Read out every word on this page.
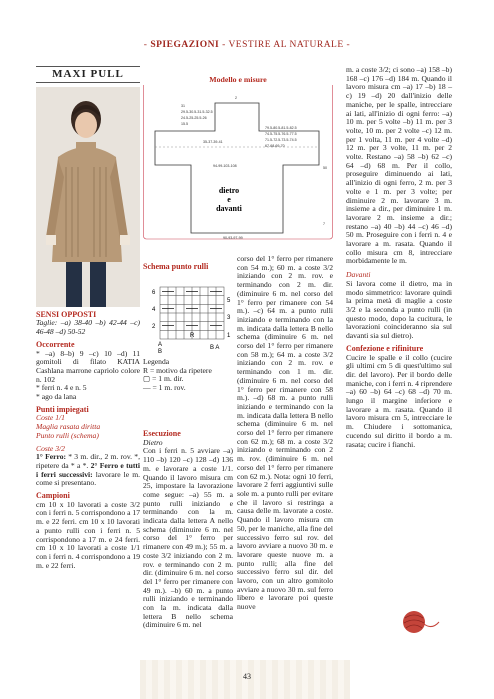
- SPIEGAZIONI - VESTIRE AL NATURALE -
MAXI PULL
SENSI OPPOSTI
Taglie: –a) 38-40 –b) 42-44 –c) 46-48 –d) 50-52
Occorrente
* –a) 8–b) 9 –c) 10 –d) 11 gomitoli di filato KATIA Cashlana marrone capriolo colore n. 102
* ferri n. 4 e n. 5
* ago da lana
Punti impiegati
Coste 1/1
Maglia rasata diritta
Punto rulli (schema)
Coste 3/2
1° Ferro: * 3 m. dir., 2 m. rov. *, ripetere da * a *. 2° Ferro e tutti i ferri successivi: lavorare le m. come si presentano.
Campioni
cm 10 x 10 lavorati a coste 3/2 con i ferri n. 5 corrispondono a 17 m. e 22 ferri. cm 10 x 10 lavorati a punto rulli con i ferri n. 5 corrispondono a 17 m. e 24 ferri. cm 10 x 10 lavorati a coste 1/1 con i ferri n. 4 corrispondono a 19 m. e 22 ferri.
Modello e misure
dietro
e
davanti
79.5-80.5-81.5-82.5
74.5-75.5-76.5-77.5
71.5-72.5-73.5-74.5
67-68-69-70
29.5-30.5-31.5-32.5
24.5-25-25.5-26
15.5
31
35-37-39-41
2
94-99-103-108	50
7
90-93-97-99
Schema punto rulli
6
4
2
5
3
1
R
A
B
B A
Legenda
R = motivo da ripetere
▢ = 1 m. dir.
— = 1 m. rov.
Esecuzione
Dietro
Con i ferri n. 5 avviare –a) 110 –b) 120 –c) 128 –d) 136 m. e lavorare a coste 1/1. Quando il lavoro misura cm 25, impostare la lavorazione come segue: –a) 55 m. a punto rulli iniziando e terminando con la m. indicata dalla lettera A nello schema (diminuire 6 m. nel corso del 1° ferro per rimanere con 49 m.); 55 m. a coste 3/2 iniziando con 2 m. rov. e terminando con 2 m. dir. (diminuire 6 m. nel corso del 1° ferro per rimanere con 49 m.). –b) 60 m. a punto rulli iniziando e terminando con la m. indicata dalla lettera B nello schema (diminuire 6 m. nel
corso del 1° ferro per rimanere con 54 m.); 60 m. a coste 3/2 iniziando con 2 m. rov. e terminando con 2 m. dir. (diminuire 6 m. nel corso del 1° ferro per rimanere con 54 m.). –c) 64 m. a punto rulli iniziando e terminando con la m. indicata dalla lettera B nello schema (diminuire 6 m. nel corso del 1° ferro per rimanere con 58 m.); 64 m. a coste 3/2 iniziando con 2 m. rov. e terminando con 1 m. dir. (diminuire 6 m. nel corso del 1° ferro per rimanere con 58 m.). –d) 68 m. a punto rulli iniziando e terminando con la m. indicata dalla lettera B nello schema (diminuire 6 m. nel corso del 1° ferro per rimanere con 62 m.); 68 m. a coste 3/2 iniziando e terminando con 2 m. rov. (diminuire 6 m. nel corso del 1° ferro per rimanere con 62 m.). Nota: ogni 10 ferri, lavorare 2 ferri aggiuntivi sulle sole m. a punto rulli per evitare che il lavoro si restringa a causa delle m. lavorate a coste. Quando il lavoro misura cm 50, per le maniche, alla fine del successivo ferro sul rov. del lavoro avviare a nuovo 30 m. e lavorare queste nuove m. a punto rulli; alla fine del successivo ferro sul dir. del lavoro, con un altro gomitolo avviare a nuovo 30 m. sul ferro libero e lavorare poi queste nuove
m. a coste 3/2; ci sono –a) 158 –b) 168 –c) 176 –d) 184 m. Quando il lavoro misura cm –a) 17 –b) 18 –c) 19 –d) 20 dall'inizio delle maniche, per le spalle, intrecciare ai lati, all'inizio di ogni ferro: –a) 10 m. per 5 volte –b) 11 m. per 3 volte, 10 m. per 2 volte –c) 12 m. per 1 volta, 11 m. per 4 volte –d) 12 m. per 3 volte, 11 m. per 2 volte. Restano –a) 58 –b) 62 –c) 64 –d) 68 m. Per il collo, proseguire diminuendo ai lati, all'inizio di ogni ferro, 2 m. per 3 volte e 1 m. per 3 volte; per diminuire 2 m. lavorare 3 m. insieme a dir., per diminuire 1 m. lavorare 2 m. insieme a dir.; restano –a) 40 –b) 44 –c) 46 –d) 50 m. Proseguire con i ferri n. 4 e lavorare a m. rasata. Quando il collo misura cm 8, intrecciare morbidamente le m.
Davanti
Si lavora come il dietro, ma in modo simmetrico: lavorare quindi la prima metà di maglie a coste 3/2 e la seconda a punto rulli (in questo modo, dopo la cucitura, le lavorazioni coincideranno sia sul davanti sia sul dietro).
Confezione e rifiniture
Cucire le spalle e il collo (cucire gli ultimi cm 5 di quest'ultimo sul dir. del lavoro). Per il bordo delle maniche, con i ferri n. 4 riprendere –a) 60 –b) 64 –c) 68 –d) 70 m. lungo il margine inferiore e lavorare a m. rasata. Quando il lavoro misura cm 5, intrecciare le m. Chiudere i sottomanica, cucendo sul diritto il bordo a m. rasata; cucire i fianchi.
43
